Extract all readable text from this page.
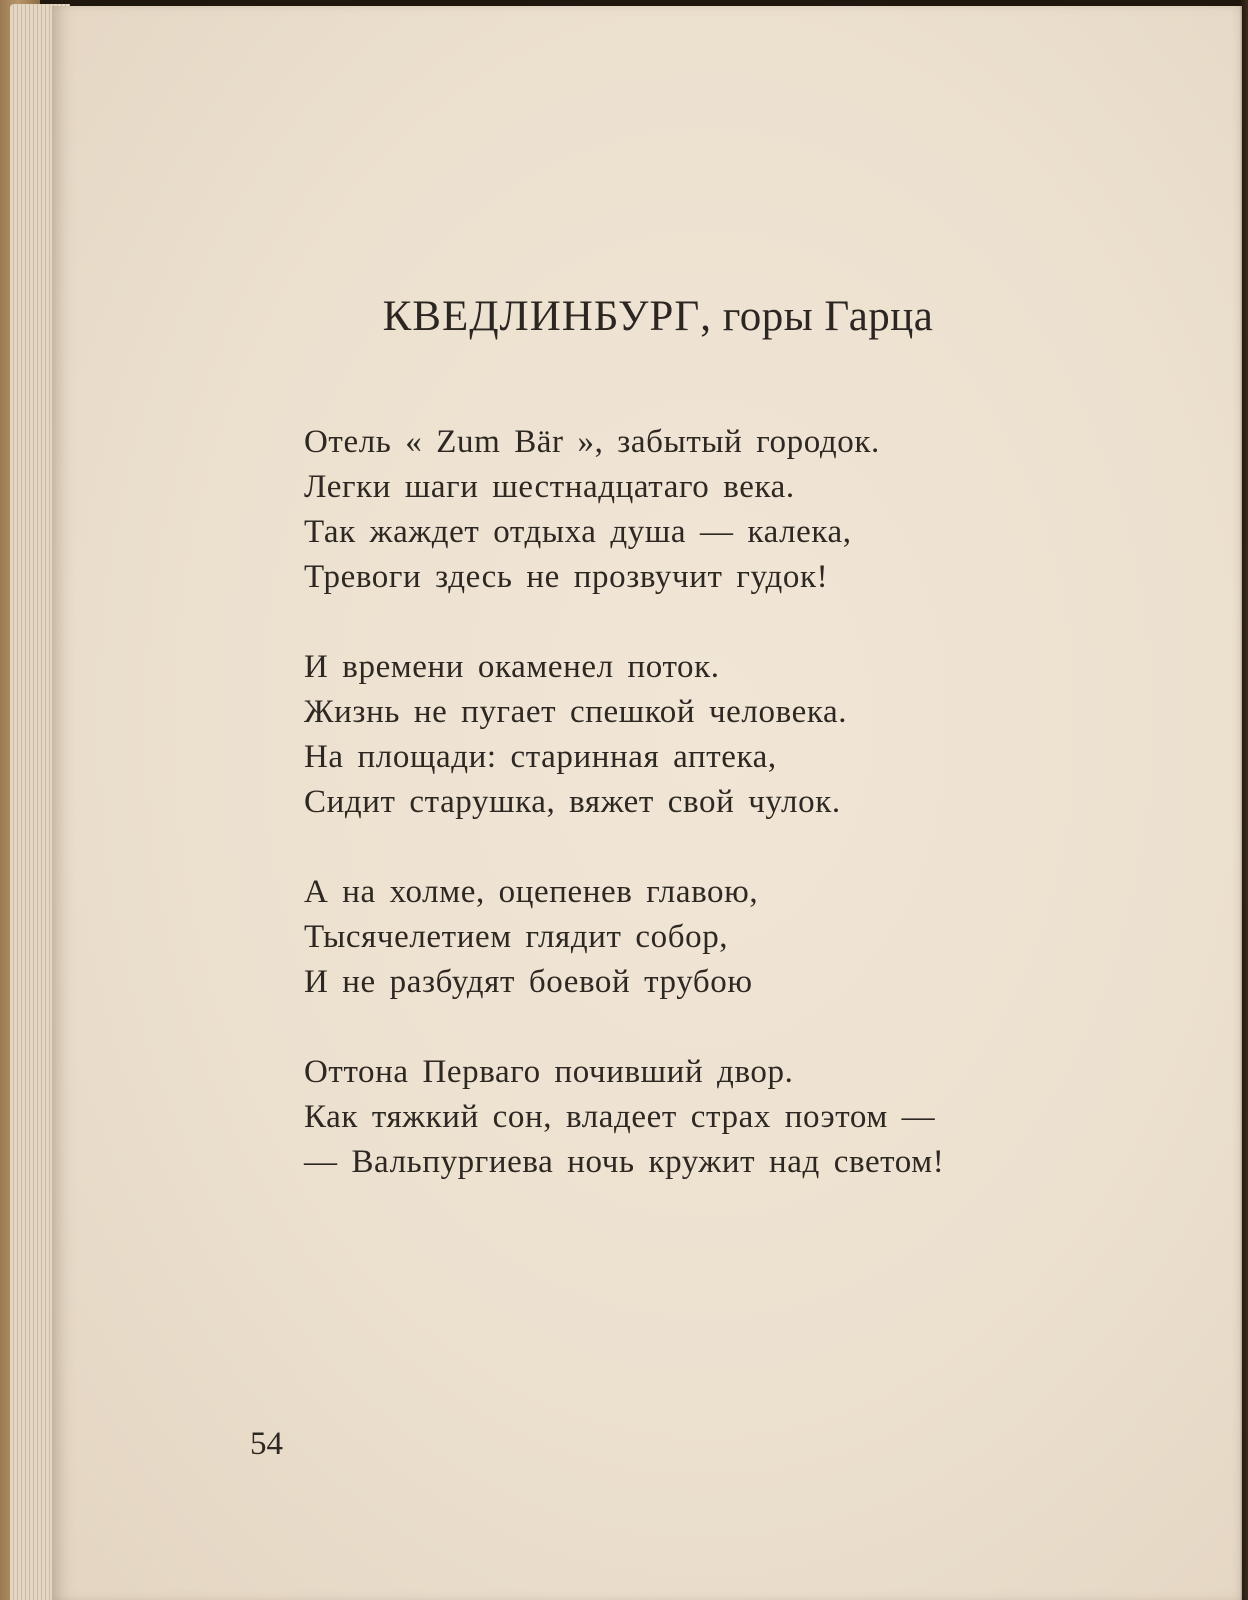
КВЕДЛИНБУРГ, горы Гарца
Отель « Zum Bär », забытый городок.
Легки шаги шестнадцатаго века.
Так жаждет отдыха душа — калека,
Тревоги здесь не прозвучит гудок!
И времени окаменел поток.
Жизнь не пугает спешкой человека.
На площади: старинная аптека,
Сидит старушка, вяжет свой чулок.
А на холме, оцепенев главою,
Тысячелетием глядит собор,
И не разбудят боевой трубою
Оттона Перваго почивший двор.
Как тяжкий сон, владеет страх поэтом —
— Вальпургиева ночь кружит над светом!
54
